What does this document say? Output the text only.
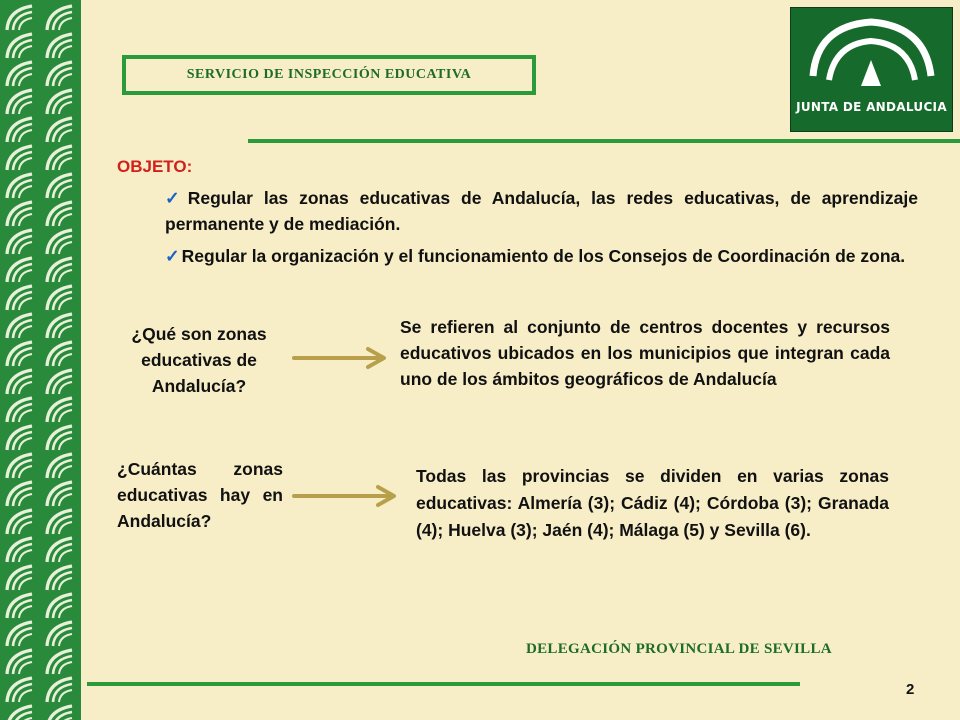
SERVICIO DE INSPECCIÓN EDUCATIVA
JUNTA DE ANDALUCIA
OBJETO:
✓ Regular las zonas educativas de Andalucía, las redes educativas, de aprendizaje permanente y de mediación.
✓ Regular la organización y el funcionamiento de los Consejos de Coordinación de zona.
¿Qué son zonas educativas de Andalucía?
Se refieren al conjunto de centros docentes y recursos educativos ubicados en los municipios que integran cada uno de los ámbitos geográficos de Andalucía
¿Cuántas zonas educativas hay en Andalucía?
Todas las provincias se dividen en varias zonas educativas: Almería (3); Cádiz (4); Córdoba (3); Granada (4); Huelva (3); Jaén (4); Málaga (5) y Sevilla (6).
DELEGACIÓN PROVINCIAL DE SEVILLA
2
